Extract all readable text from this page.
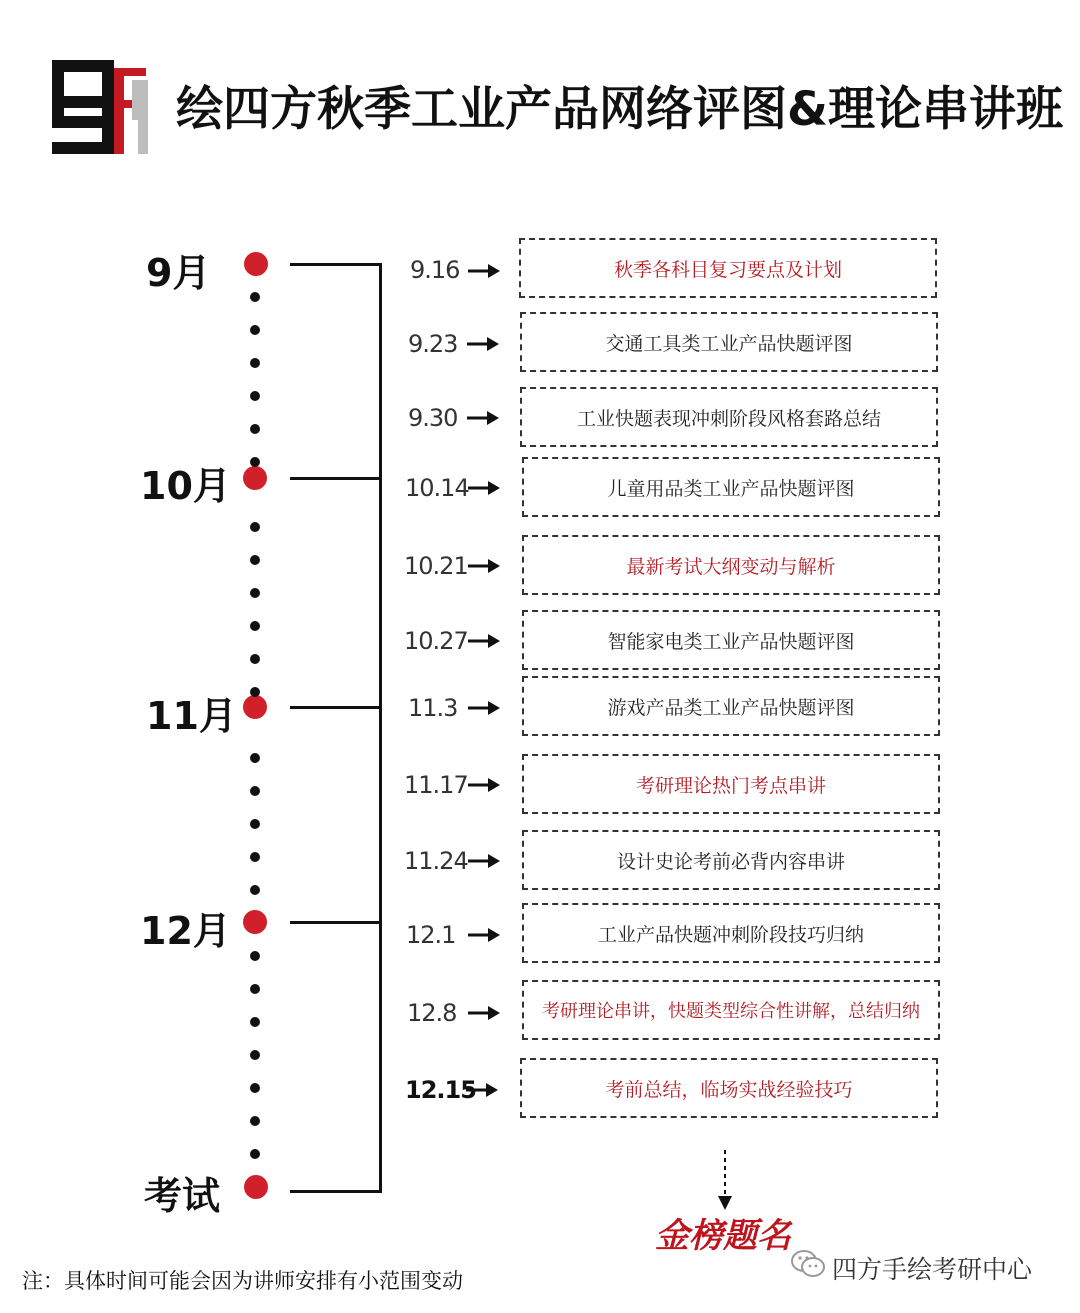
绘四方秋季工业产品网络评图&理论串讲班
9月
10月
11月
12月
考试
9.16	秋季各科目复习要点及计划
9.23	交通工具类工业产品快题评图
9.30	工业快题表现冲刺阶段风格套路总结
10.14	儿童用品类工业产品快题评图
10.21	最新考试大纲变动与解析
10.27	智能家电类工业产品快题评图
11.3	游戏产品类工业产品快题评图
11.17	考研理论热门考点串讲
11.24	设计史论考前必背内容串讲
12.1	工业产品快题冲刺阶段技巧归纳
12.8	考研理论串讲，快题类型综合性讲解，总结归纳
12.15	考前总结，临场实战经验技巧
金榜题名
注：具体时间可能会因为讲师安排有小范围变动	四方手绘考研中心
